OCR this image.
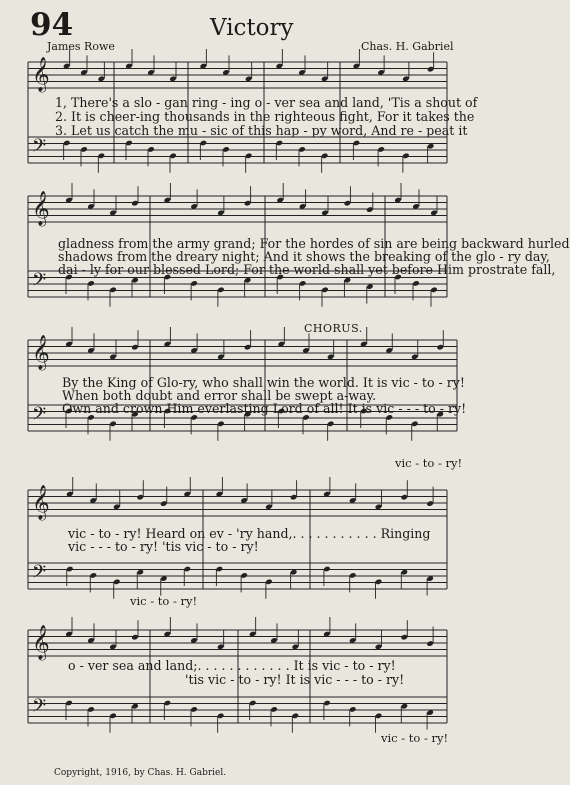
94	Victory
James Rowe	Chas. H. Gabriel
𝄞
𝄢
𝄞
𝄢
𝄞
𝄢
𝄞
𝄢
𝄞
𝄢
1, There's a slo - gan ring - ing o - ver sea and land, 'Tis a shout of
2. It is cheer-ing thousands in the righteous fight, For it takes the
3. Let us catch the mu - sic of this hap - py word, And re - peat it
gladness from the army grand; For the hordes of sin are being backward hurled
shadows from the dreary night; And it shows the breaking of the glo - ry day,
dai - ly for our blessed Lord; For the world shall yet before Him prostrate fall,
CHORUS.
By the King of Glo-ry, who shall win the world. It is vic - to - ry!
When both doubt and error shall be swept a-way.
Own and crown Him everlasting Lord of all! It is vic - - - to - ry!
vic - to - ry!
vic - to - ry! Heard on ev - 'ry hand,. . . . . . . . . . . Ringing
vic - - - to - ry! 'tis vic - to - ry!
vic - to - ry!
o - ver sea and land;. . . . . . . . . . . . It is vic - to - ry!
'tis vic - to - ry! It is vic - - - to - ry!
vic - to - ry!
Copyright, 1916, by Chas. H. Gabriel.
